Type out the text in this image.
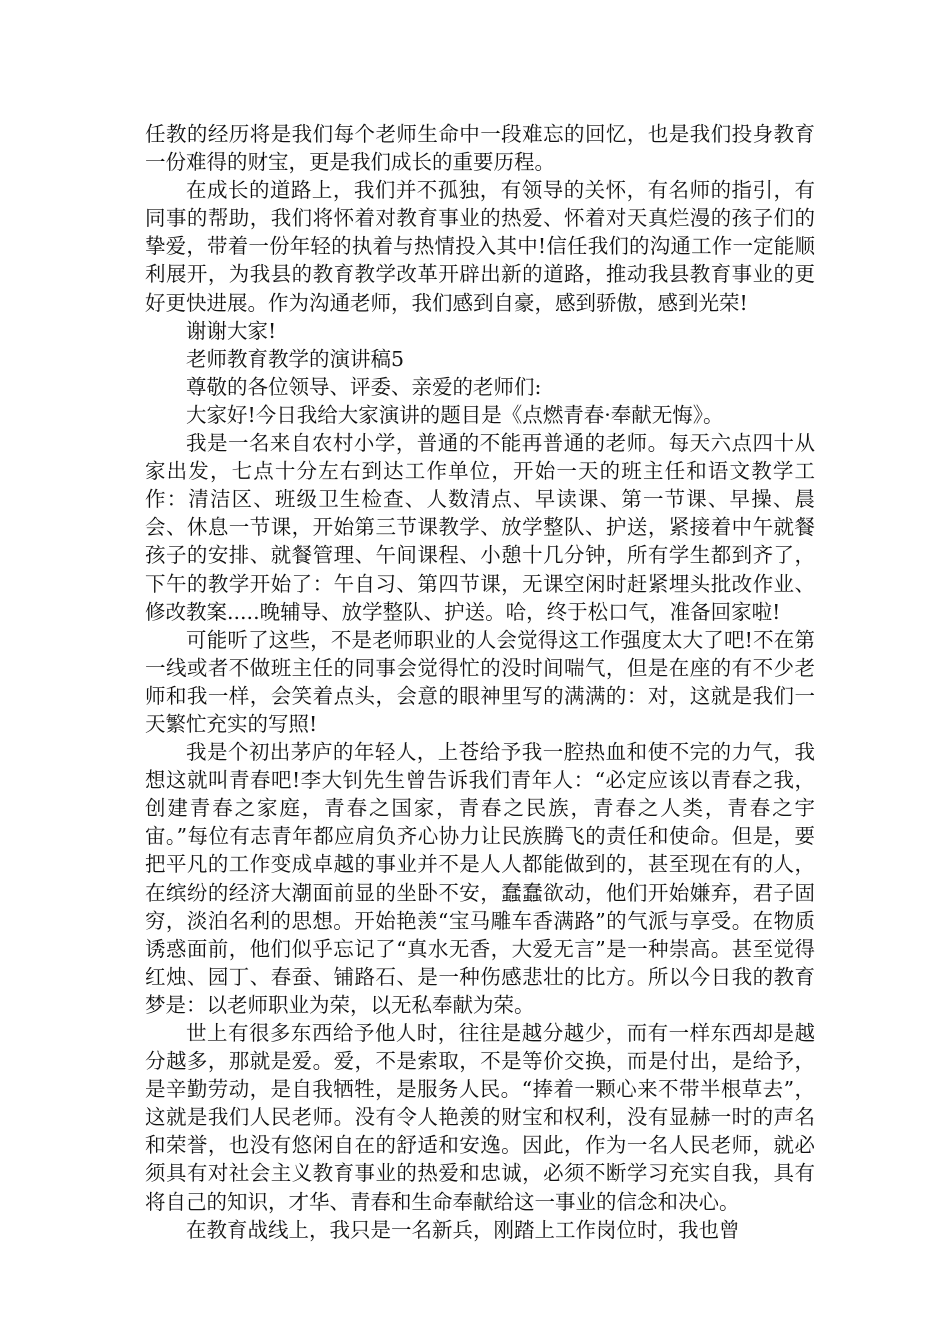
任教的经历将是我们每个老师生命中一段难忘的回忆，也是我们投身教育一份难得的财宝，更是我们成长的重要历程。

在成长的道路上，我们并不孤独，有领导的关怀，有名师的指引，有同事的帮助，我们将怀着对教育事业的热爱、怀着对天真烂漫的孩子们的挚爱，带着一份年轻的执着与热情投入其中!信任我们的沟通工作一定能顺利展开，为我县的教育教学改革开辟出新的道路，推动我县教育事业的更好更快进展。作为沟通老师，我们感到自豪，感到骄傲，感到光荣!

谢谢大家!

老师教育教学的演讲稿5

尊敬的各位领导、评委、亲爱的老师们:

大家好!今日我给大家演讲的题目是《点燃青春·奉献无悔》。

我是一名来自农村小学，普通的不能再普通的老师。每天六点四十从家出发，七点十分左右到达工作单位，开始一天的班主任和语文教学工作：清洁区、班级卫生检查、人数清点、早读课、第一节课、早操、晨会、休息一节课，开始第三节课教学、放学整队、护送，紧接着中午就餐孩子的安排、就餐管理、午间课程、小憩十几分钟，所有学生都到齐了，下午的教学开始了：午自习、第四节课，无课空闲时赶紧埋头批改作业、修改教案.....晚辅导、放学整队、护送。哈，终于松口气，准备回家啦!

可能听了这些，不是老师职业的人会觉得这工作强度太大了吧!不在第一线或者不做班主任的同事会觉得忙的没时间喘气，但是在座的有不少老师和我一样，会笑着点头，会意的眼神里写的满满的：对，这就是我们一天繁忙充实的写照!

我是个初出茅庐的年轻人，上苍给予我一腔热血和使不完的力气，我想这就叫青春吧!李大钊先生曾告诉我们青年人：“必定应该以青春之我，创建青春之家庭，青春之国家，青春之民族，青春之人类，青春之宇宙。”每位有志青年都应肩负齐心协力让民族腾飞的责任和使命。但是，要把平凡的工作变成卓越的事业并不是人人都能做到的，甚至现在有的人，在缤纷的经济大潮面前显的坐卧不安，蠢蠢欲动，他们开始嫌弃，君子固穷，淡泊名利的思想。开始艳羡“宝马雕车香满路”的气派与享受。在物质诱惑面前，他们似乎忘记了“真水无香，大爱无言”是一种崇高。甚至觉得红烛、园丁、春蚕、铺路石、是一种伤感悲壮的比方。所以今日我的教育梦是：以老师职业为荣，以无私奉献为荣。

世上有很多东西给予他人时，往往是越分越少，而有一样东西却是越分越多，那就是爱。爱，不是索取，不是等价交换，而是付出，是给予，是辛勤劳动，是自我牺牲，是服务人民。“捧着一颗心来不带半根草去”，这就是我们人民老师。没有令人艳羡的财宝和权利，没有显赫一时的声名和荣誉，也没有悠闲自在的舒适和安逸。因此，作为一名人民老师，就必须具有对社会主义教育事业的热爱和忠诚，必须不断学习充实自我，具有将自己的知识，才华、青春和生命奉献给这一事业的信念和决心。

在教育战线上，我只是一名新兵，刚踏上工作岗位时，我也曾
